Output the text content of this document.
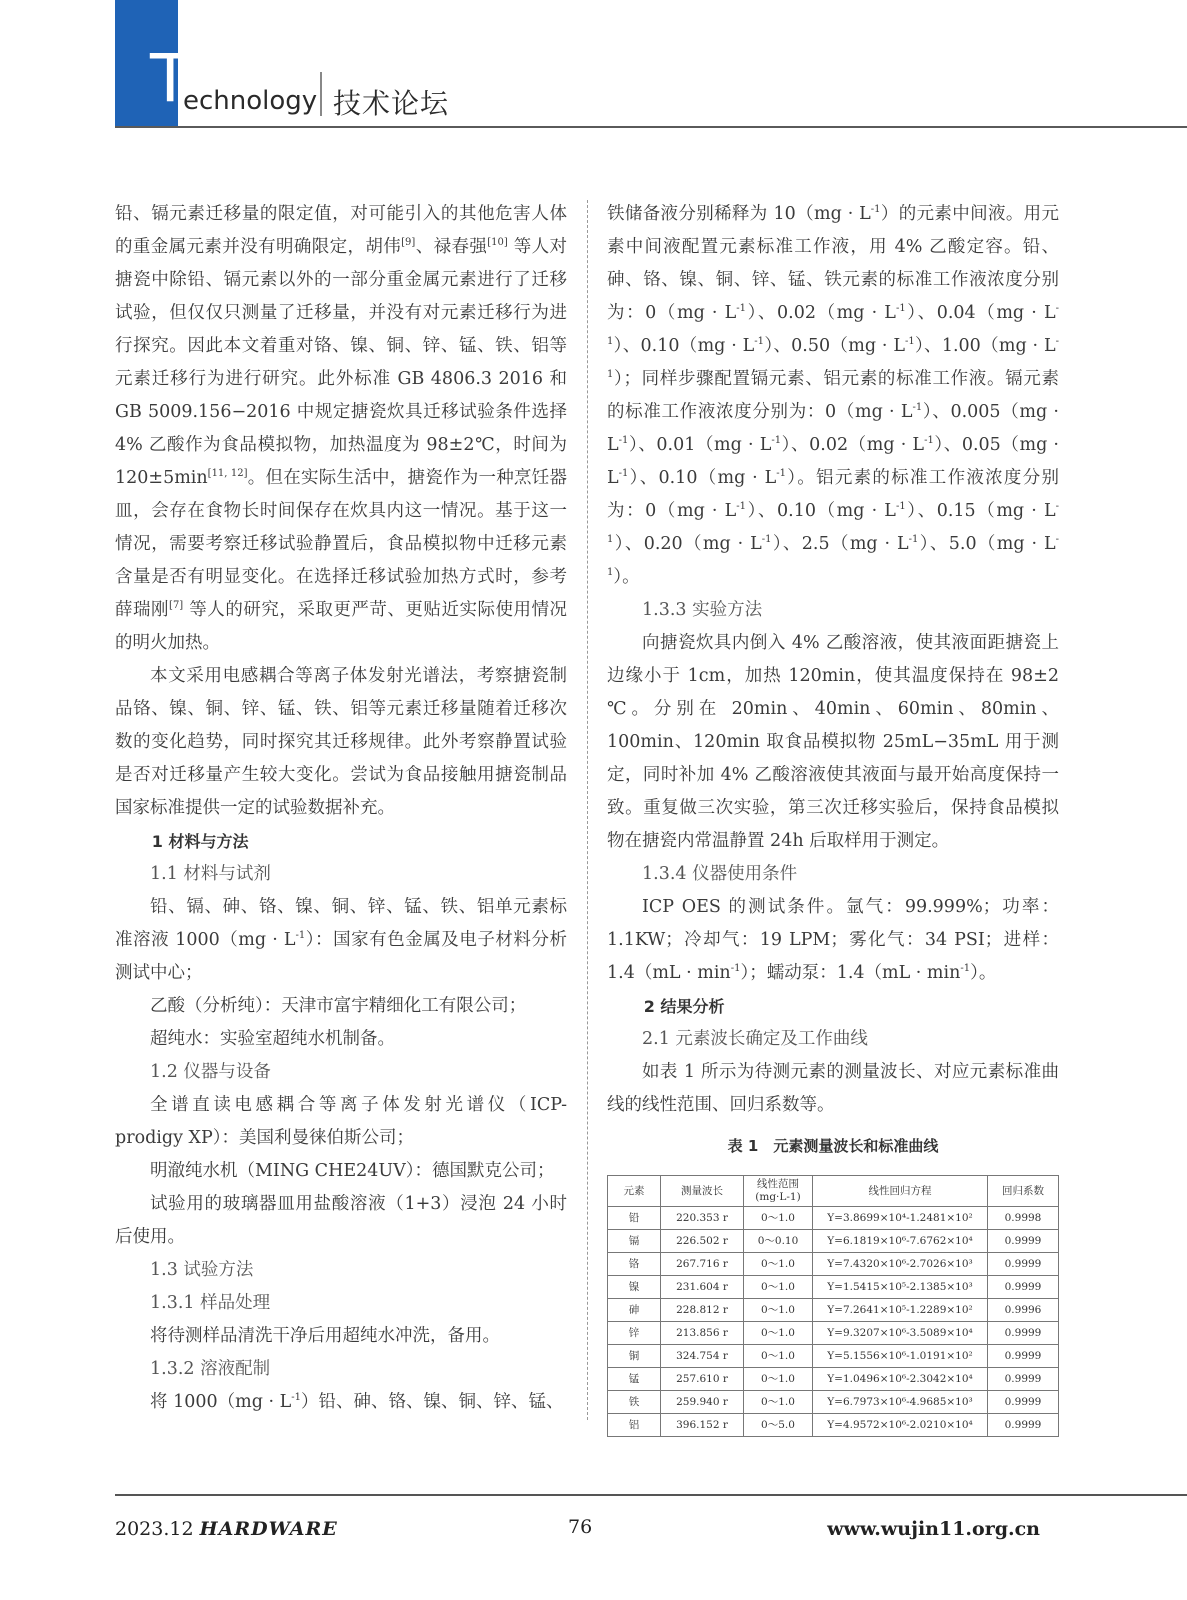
T
echnology 技术论坛

铅、镉元素迁移量的限定值，对可能引入的其他危害人体的重金属元素并没有明确限定，胡伟[9]、禄春强[10] 等人对搪瓷中除铅、镉元素以外的一部分重金属元素进行了迁移试验，但仅仅只测量了迁移量，并没有对元素迁移行为进行探究。因此本文着重对铬、镍、铜、锌、锰、铁、铝等元素迁移行为进行研究。此外标准 GB 4806.3 2016 和 GB 5009.156−2016 中规定搪瓷炊具迁移试验条件选择 4% 乙酸作为食品模拟物，加热温度为 98±2℃，时间为 120±5min[11, 12]。但在实际生活中，搪瓷作为一种烹饪器皿，会存在食物长时间保存在炊具内这一情况。基于这一情况，需要考察迁移试验静置后，食品模拟物中迁移元素含量是否有明显变化。在选择迁移试验加热方式时，参考薛瑞刚[7] 等人的研究，采取更严苛、更贴近实际使用情况的明火加热。

本文采用电感耦合等离子体发射光谱法，考察搪瓷制品铬、镍、铜、锌、锰、铁、铝等元素迁移量随着迁移次数的变化趋势，同时探究其迁移规律。此外考察静置试验是否对迁移量产生较大变化。尝试为食品接触用搪瓷制品国家标准提供一定的试验数据补充。

1 材料与方法

1.1 材料与试剂

铅、镉、砷、铬、镍、铜、锌、锰、铁、铝单元素标准溶液 $1000(mg \cdot L^{-1})$：国家有色金属及电子材料分析测试中心；

乙酸（分析纯）：天津市富宇精细化工有限公司；

超纯水：实验室超纯水机制备。

1.2 仪器与设备

全谱直读电感耦合等离子体发射光谱仪（ICP-prodigy XP）：美国利曼徕伯斯公司；

明澈纯水机（MING CHE24UV）：德国默克公司；

试验用的玻璃器皿用盐酸溶液（1+3）浸泡 24 小时后使用。

1.3 试验方法

1.3.1 样品处理

将待测样品清洗干净后用超纯水冲洗，备用。

1.3.2 溶液配制

将 $1000(mg \cdot L^{-1})$铅、砷、铬、镍、铜、锌、锰、

铁储备液分别稀释为 $10(mg \cdot L^{-1})$的元素中间液。用元素中间液配置元素标准工作液，用 4% 乙酸定容。铅、砷、铬、镍、铜、锌、锰、铁元素的标准工作液浓度分别为：$0(mg \cdot L^{-1})$、$0.02(mg \cdot L^{-1})$、$0.04(mg \cdot L^{-1})$、$0.10(mg \cdot L^{-1})$、$0.50(mg \cdot L^{-1})$、$1.00(mg \cdot L^{-1})$；同样步骤配置镉元素、铝元素的标准工作液。镉元素的标准工作液浓度分别为：$0(mg \cdot L^{-1})$、$0.005(mg \cdot L^{-1})$、$0.01(mg \cdot L^{-1})$、$0.02(mg \cdot L^{-1})$、$0.05(mg \cdot L^{-1})$、$0.10(mg \cdot L^{-1})$。铝元素的标准工作液浓度分别为：$0(mg \cdot L^{-1})$、$0.10(mg \cdot L^{-1})$、$0.15(mg \cdot L^{-1})$、$0.20(mg \cdot L^{-1})$、$2.5(mg \cdot L^{-1})$、$5.0(mg \cdot L^{-1})$。

1.3.3 实验方法

向搪瓷炊具内倒入 4% 乙酸溶液，使其液面距搪瓷上边缘小于 1cm，加热 120min，使其温度保持在 98±2 ℃。分别在 20min、40min、60min、80min、100min、120min 取食品模拟物 25mL−35mL 用于测定，同时补加 4% 乙酸溶液使其液面与最开始高度保持一致。重复做三次实验，第三次迁移实验后，保持食品模拟物在搪瓷内常温静置 24h 后取样用于测定。

1.3.4 仪器使用条件

ICP OES 的测试条件。氩气：99.999%；功率：1.1KW；冷却气：19 LPM；雾化气：34 PSI；进样：$1.4(mL \cdot \min^{-1})$；蠕动泵：$1.4(mL \cdot \min^{-1})$。

2 结果分析

2.1 元素波长确定及工作曲线

如表 1 所示为待测元素的测量波长、对应元素标准曲线的线性范围、回归系数等。

表 1　元素测量波长和标准曲线
元素	测量波长	线性范围(mg·L-1)	线性回归方程	回归系数
铅	220.353 r	0～1.0	Y=3.8699×10⁴-1.2481×10²	0.9998
镉	226.502 r	0～0.10	Y=6.1819×10⁶-7.6762×10⁴	0.9999
铬	267.716 r	0～1.0	Y=7.4320×10⁶-2.7026×10³	0.9999
镍	231.604 r	0～1.0	Y=1.5415×10⁵-2.1385×10³	0.9999
砷	228.812 r	0～1.0	Y=7.2641×10⁵-1.2289×10²	0.9996
锌	213.856 r	0～1.0	Y=9.3207×10⁶-3.5089×10⁴	0.9999
铜	324.754 r	0～1.0	Y=5.1556×10⁶-1.0191×10²	0.9999
锰	257.610 r	0～1.0	Y=1.0496×10⁶-2.3042×10⁴	0.9999
铁	259.940 r	0～1.0	Y=6.7973×10⁶-4.9685×10³	0.9999
铝	396.152 r	0～5.0	Y=4.9572×10⁶-2.0210×10⁴	0.9999
2023.12 HARDWARE	76	www.wujin11.org.cn
